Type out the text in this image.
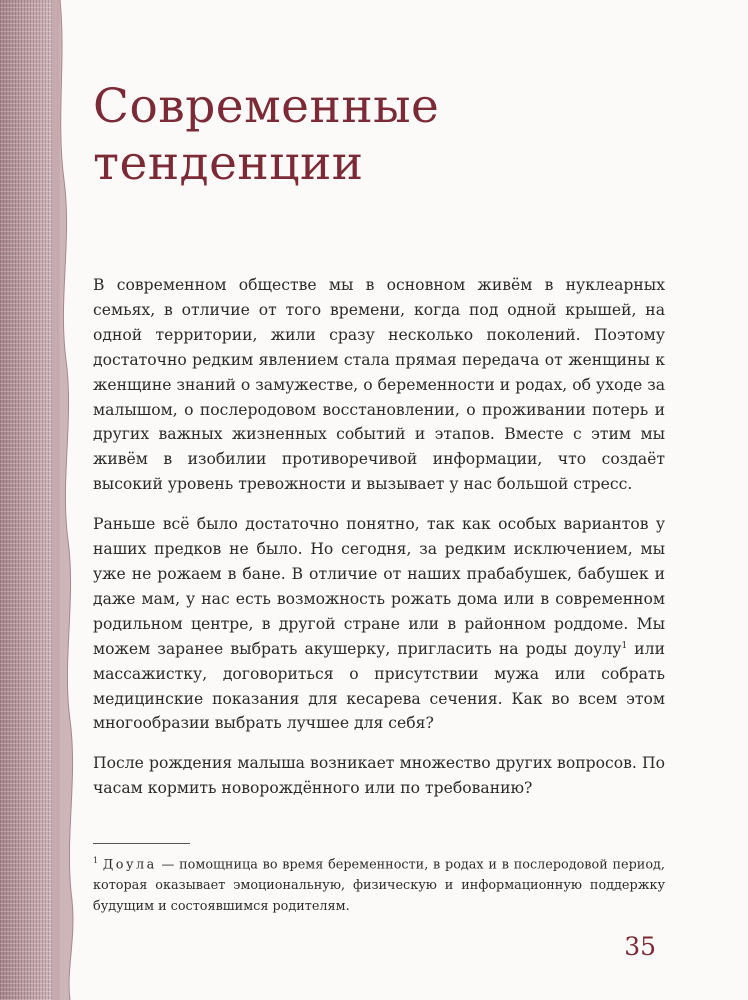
Современные
тенденции

В современном обществе мы в основном живём в нуклеарных семьях, в отличие от того времени, когда под одной крышей, на одной территории, жили сразу несколько поколений. Поэтому достаточно редким явлением стала прямая передача от женщины к женщине знаний о замужестве, о беременности и родах, об уходе за малышом, о послеродовом восстановлении, о проживании потерь и других важных жизненных событий и этапов. Вместе с этим мы живём в изобилии противоречивой информации, что создаёт высокий уровень тревожности и вызывает у нас большой стресс.

Раньше всё было достаточно понятно, так как особых вариантов у наших предков не было. Но сегодня, за редким исключением, мы уже не рожаем в бане. В отличие от наших прабабушек, бабушек и даже мам, у нас есть возможность рожать дома или в современном родильном центре, в другой стране или в районном роддоме. Мы можем заранее выбрать акушерку, пригласить на роды доулу$^1$ или массажистку, договориться о присутствии мужа или собрать медицинские показания для кесарева сечения. Как во всем этом многообразии выбрать лучшее для себя?

После рождения малыша возникает множество других вопросов. По часам кормить новорождённого или по требованию?

$^1$ Доула — помощница во время беременности, в родах и в послеродовой период, которая оказывает эмоциональную, физическую и информационную поддержку будущим и состоявшимся родителям.
35
